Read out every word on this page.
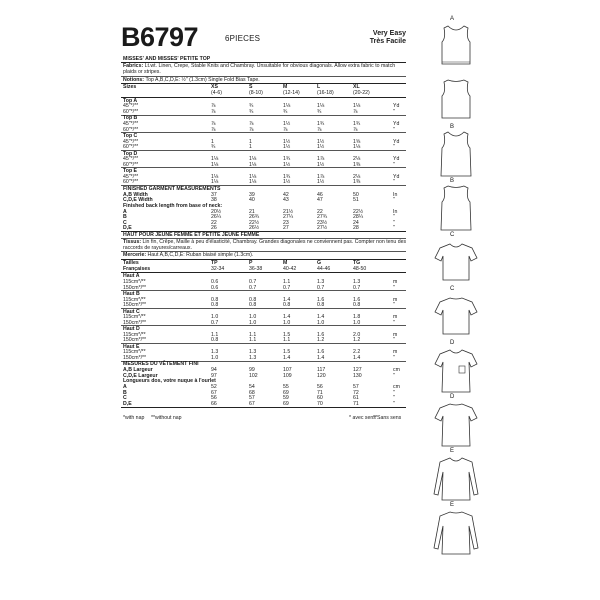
B6797	6PIECES
Very Easy
Très Facile
MISSES' AND MISSES' PETITE TOP
Fabrics: Lt.wt. Linen, Crepe, Stable Knits and Chambray. Unsuitable for obvious diagonals. Allow extra fabric to match plaids or stripes.
Notions: Top A,B,C,D,E: ½" (1.3cm) Single Fold Bias Tape.
Sizes	XS	S	M	L	XL
(4-6)	(8-10)	(12-14)	(16-18)	(20-22)
Top A
45"*/**	⅞	¾	1⅛	1⅛	1⅛	Yd
60"*/**	⅞	¾	¾	¾	⅞	"
Top B
45"*/**	⅞	⅞	1½	1¾	1¾	Yd
60"*/**	⅞	⅞	⅞	⅞	⅞	"
Top C
45"*/**	1	1	1½	1½	1⅝	Yd
60"*/**	¾	1	1½	1½	1⅛	"
Top D
45"*/**	1⅛	1⅛	1¾	1⅞	2⅛	Yd
60"*/**	1⅛	1⅛	1½	1½	1⅜	"
Top E
45"*/**	1⅛	1⅛	1¾	1⅞	2⅛	Yd
60"*/**	1⅛	1⅛	1½	1½	1⅜	"
FINISHED GARMENT MEASUREMENTS
A,B Width	37	39	42	46	50	In
C,D,E Width	38	40	43	47	51	"
Finished back length from base of neck:
A	20½	21	21½	22	22½	In
B	26¼	26¾	27¼	27¾	28¼	"
C	22	22½	23	23½	24	"
D,E	26	26½	27	27½	28	"
HAUT POUR JEUNE FEMME ET PETITE JEUNE FEMME
Tissus: Lin fin, Crêpe, Maille à peu d'élasticité, Chambray. Grandes diagonales ne conviennent pas. Compter non tenu des raccords de rayures/carreaux.
Mercerie: Haut A,B,C,D,E: Ruban biaisé simple (1.3cm).
Tailles	TP	P	M	G	TG
Françaises	32-34	36-38	40-42	44-46	48-50
Haut A
115cm*/**	0.6	0.7	1.1	1.3	1.3	m
150cm*/**	0.6	0.7	0.7	0.7	0.7	"
Haut B
115cm*/**	0.8	0.8	1.4	1.6	1.6	m
150cm*/**	0.8	0.8	0.8	0.8	0.8	"
Haut C
115cm*/**	1.0	1.0	1.4	1.4	1.8	m
150cm*/**	0.7	1.0	1.0	1.0	1.0	"
Haut D
115cm*/**	1.1	1.1	1.5	1.6	2.0	m
150cm*/**	0.8	1.1	1.1	1.2	1.2	"
Haut E
115cm*/**	1.3	1.3	1.5	1.6	2.2	m
150cm*/**	1.0	1.3	1.4	1.4	1.4	"
MESURES DU VÊTEMENT FINI
A,B Largeur	94	99	107	117	127	cm
C,D,E Largeur	97	102	109	120	130	"
Longueurs dos, votre nuque à l'ourlet
A	52	54	55	56	57	cm
B	67	68	69	71	72	"
C	56	57	59	60	61	"
D,E	66	67	69	70	71	"
*with nap **without nap	* avec sens
**Sans sens
A
B
B
C
C
D
D
E
E
